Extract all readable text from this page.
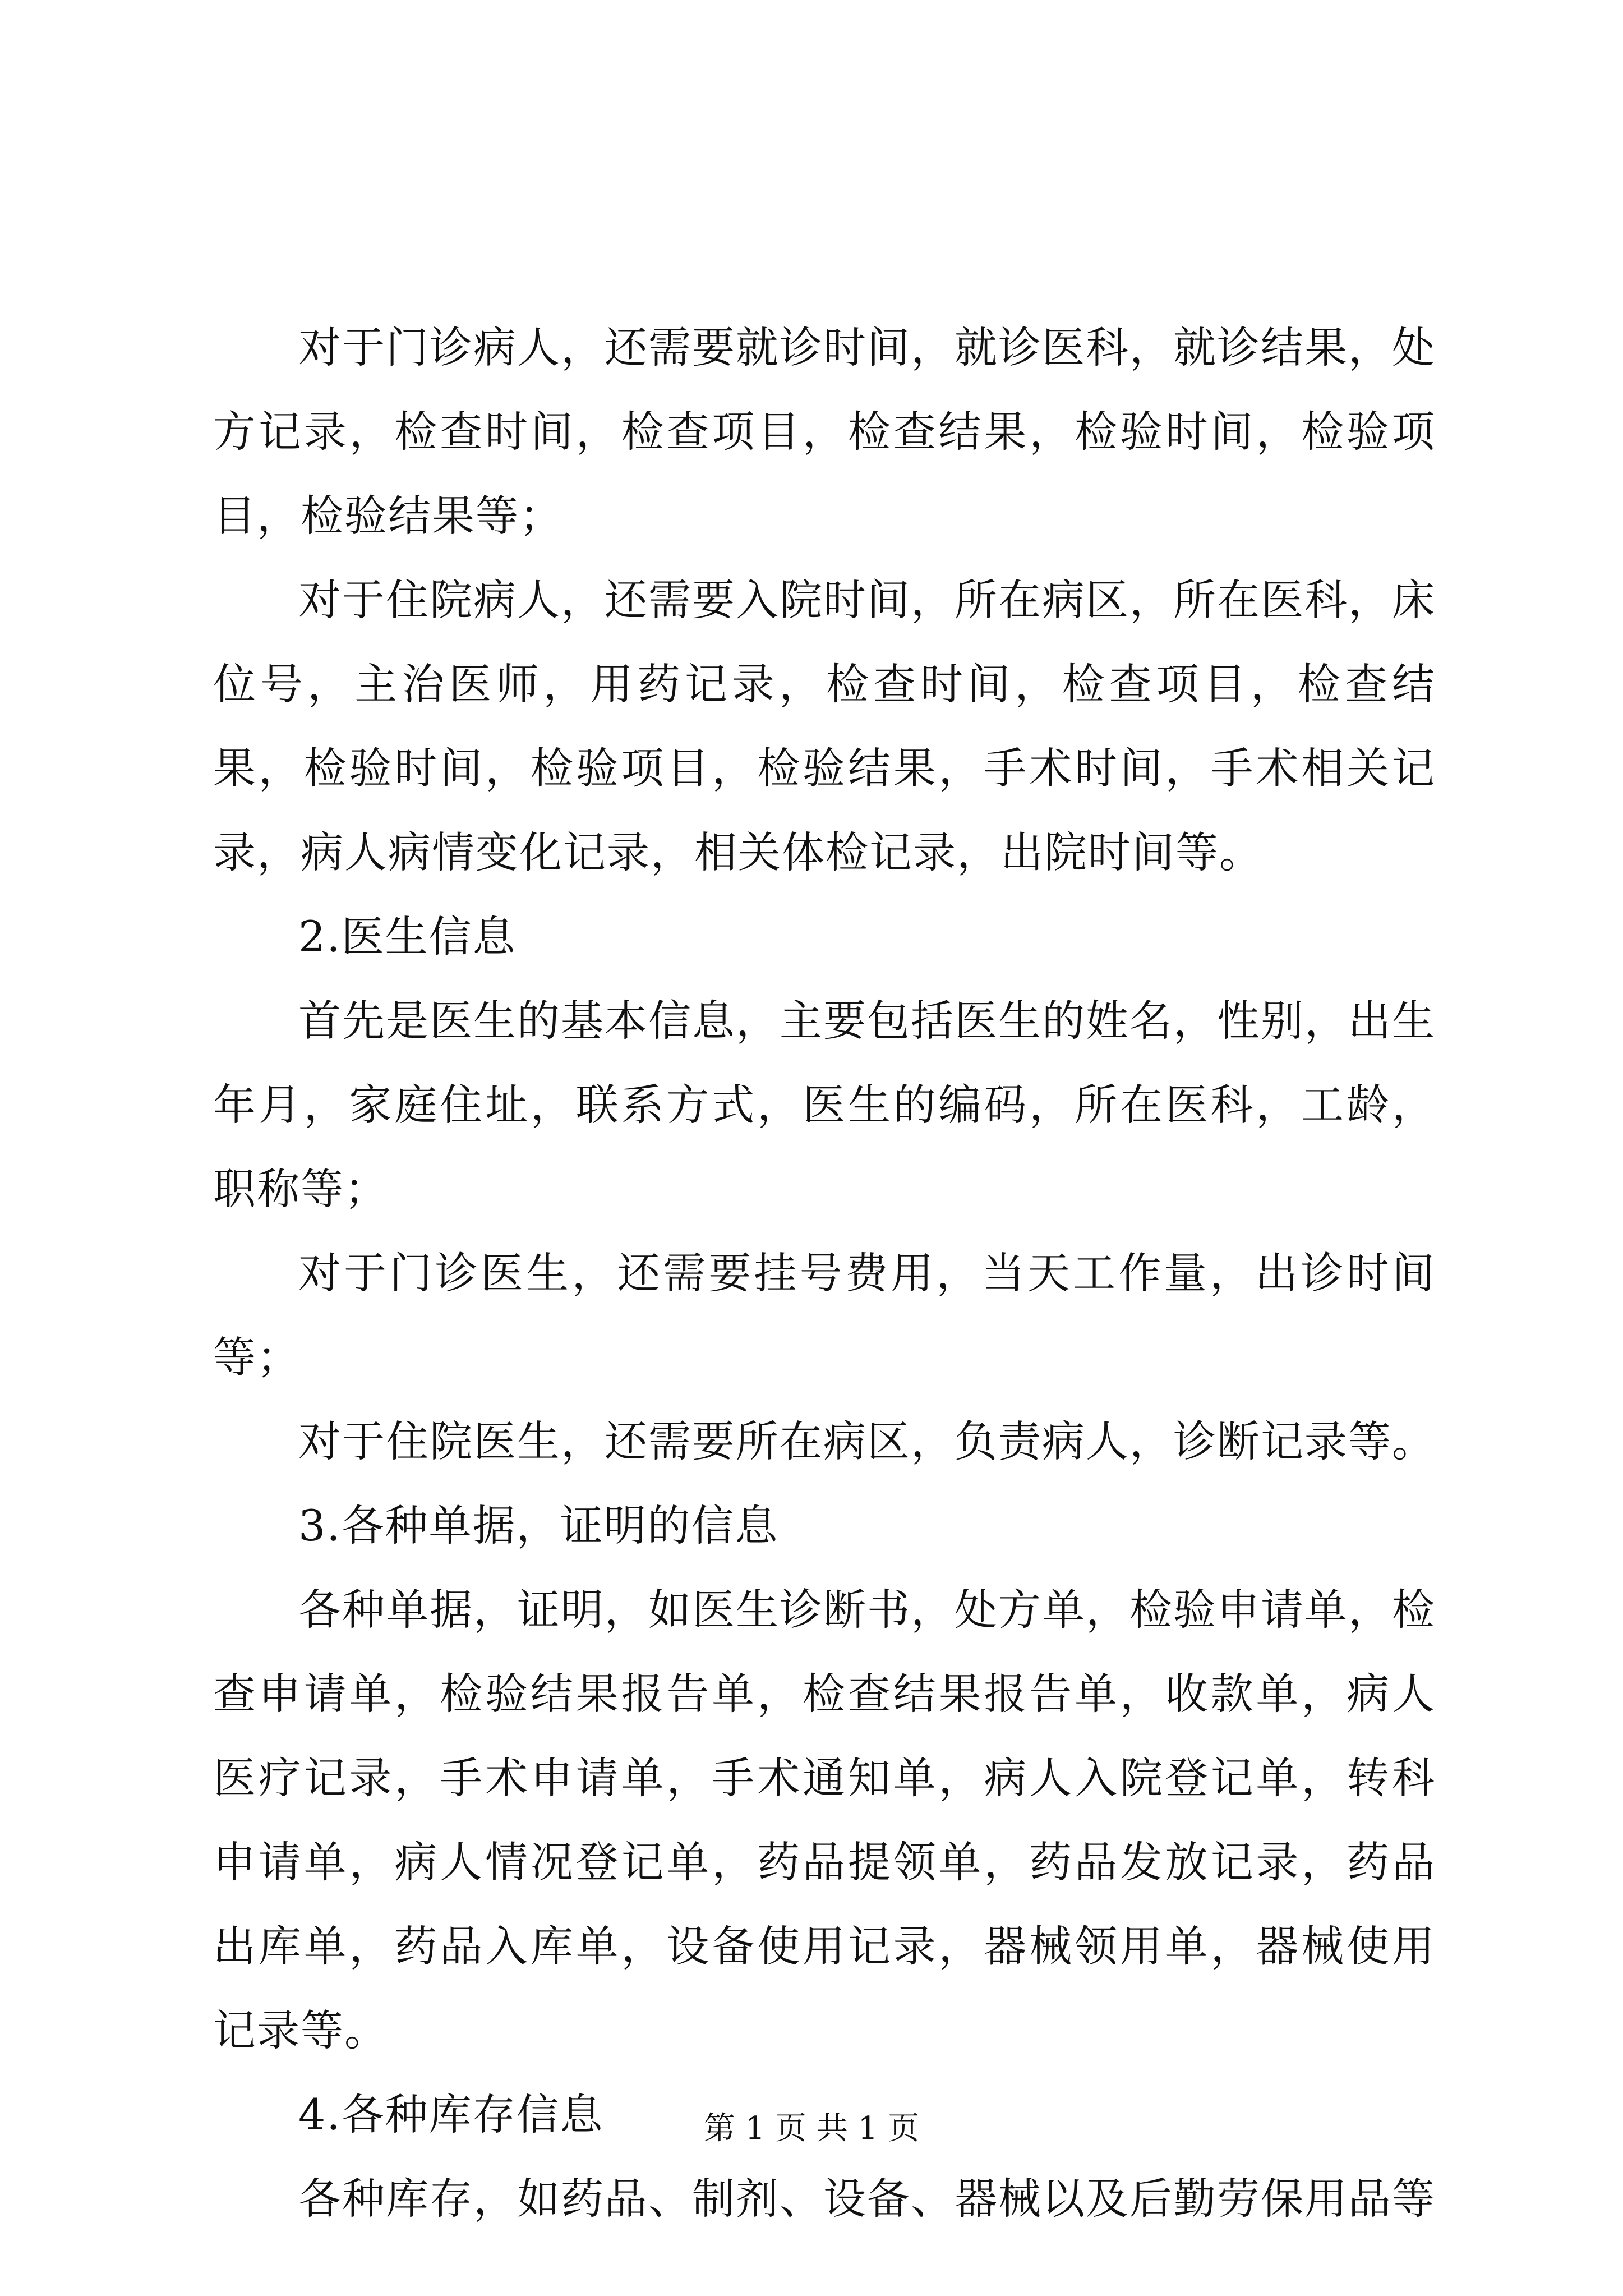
对于门诊病人，还需要就诊时间，就诊医科，就诊结果，处方记录，检查时间，检查项目，检查结果，检验时间，检验项目，检验结果等；

对于住院病人，还需要入院时间，所在病区，所在医科，床位号，主治医师，用药记录，检查时间，检查项目，检查结果，检验时间，检验项目，检验结果，手术时间，手术相关记录，病人病情变化记录，相关体检记录，出院时间等。

2.医生信息

首先是医生的基本信息，主要包括医生的姓名，性别，出生年月，家庭住址，联系方式，医生的编码，所在医科，工龄，职称等；

对于门诊医生，还需要挂号费用，当天工作量，出诊时间等；

对于住院医生，还需要所在病区，负责病人，诊断记录等。

3.各种单据，证明的信息

各种单据，证明，如医生诊断书，处方单，检验申请单，检查申请单，检验结果报告单，检查结果报告单，收款单，病人医疗记录，手术申请单，手术通知单，病人入院登记单，转科申请单，病人情况登记单，药品提领单，药品发放记录，药品出库单，药品入库单，设备使用记录，器械领用单，器械使用记录等。

4.各种库存信息

各种库存，如药品、制剂、设备、器械以及后勤劳保用品等

第 1 页 共 1 页
